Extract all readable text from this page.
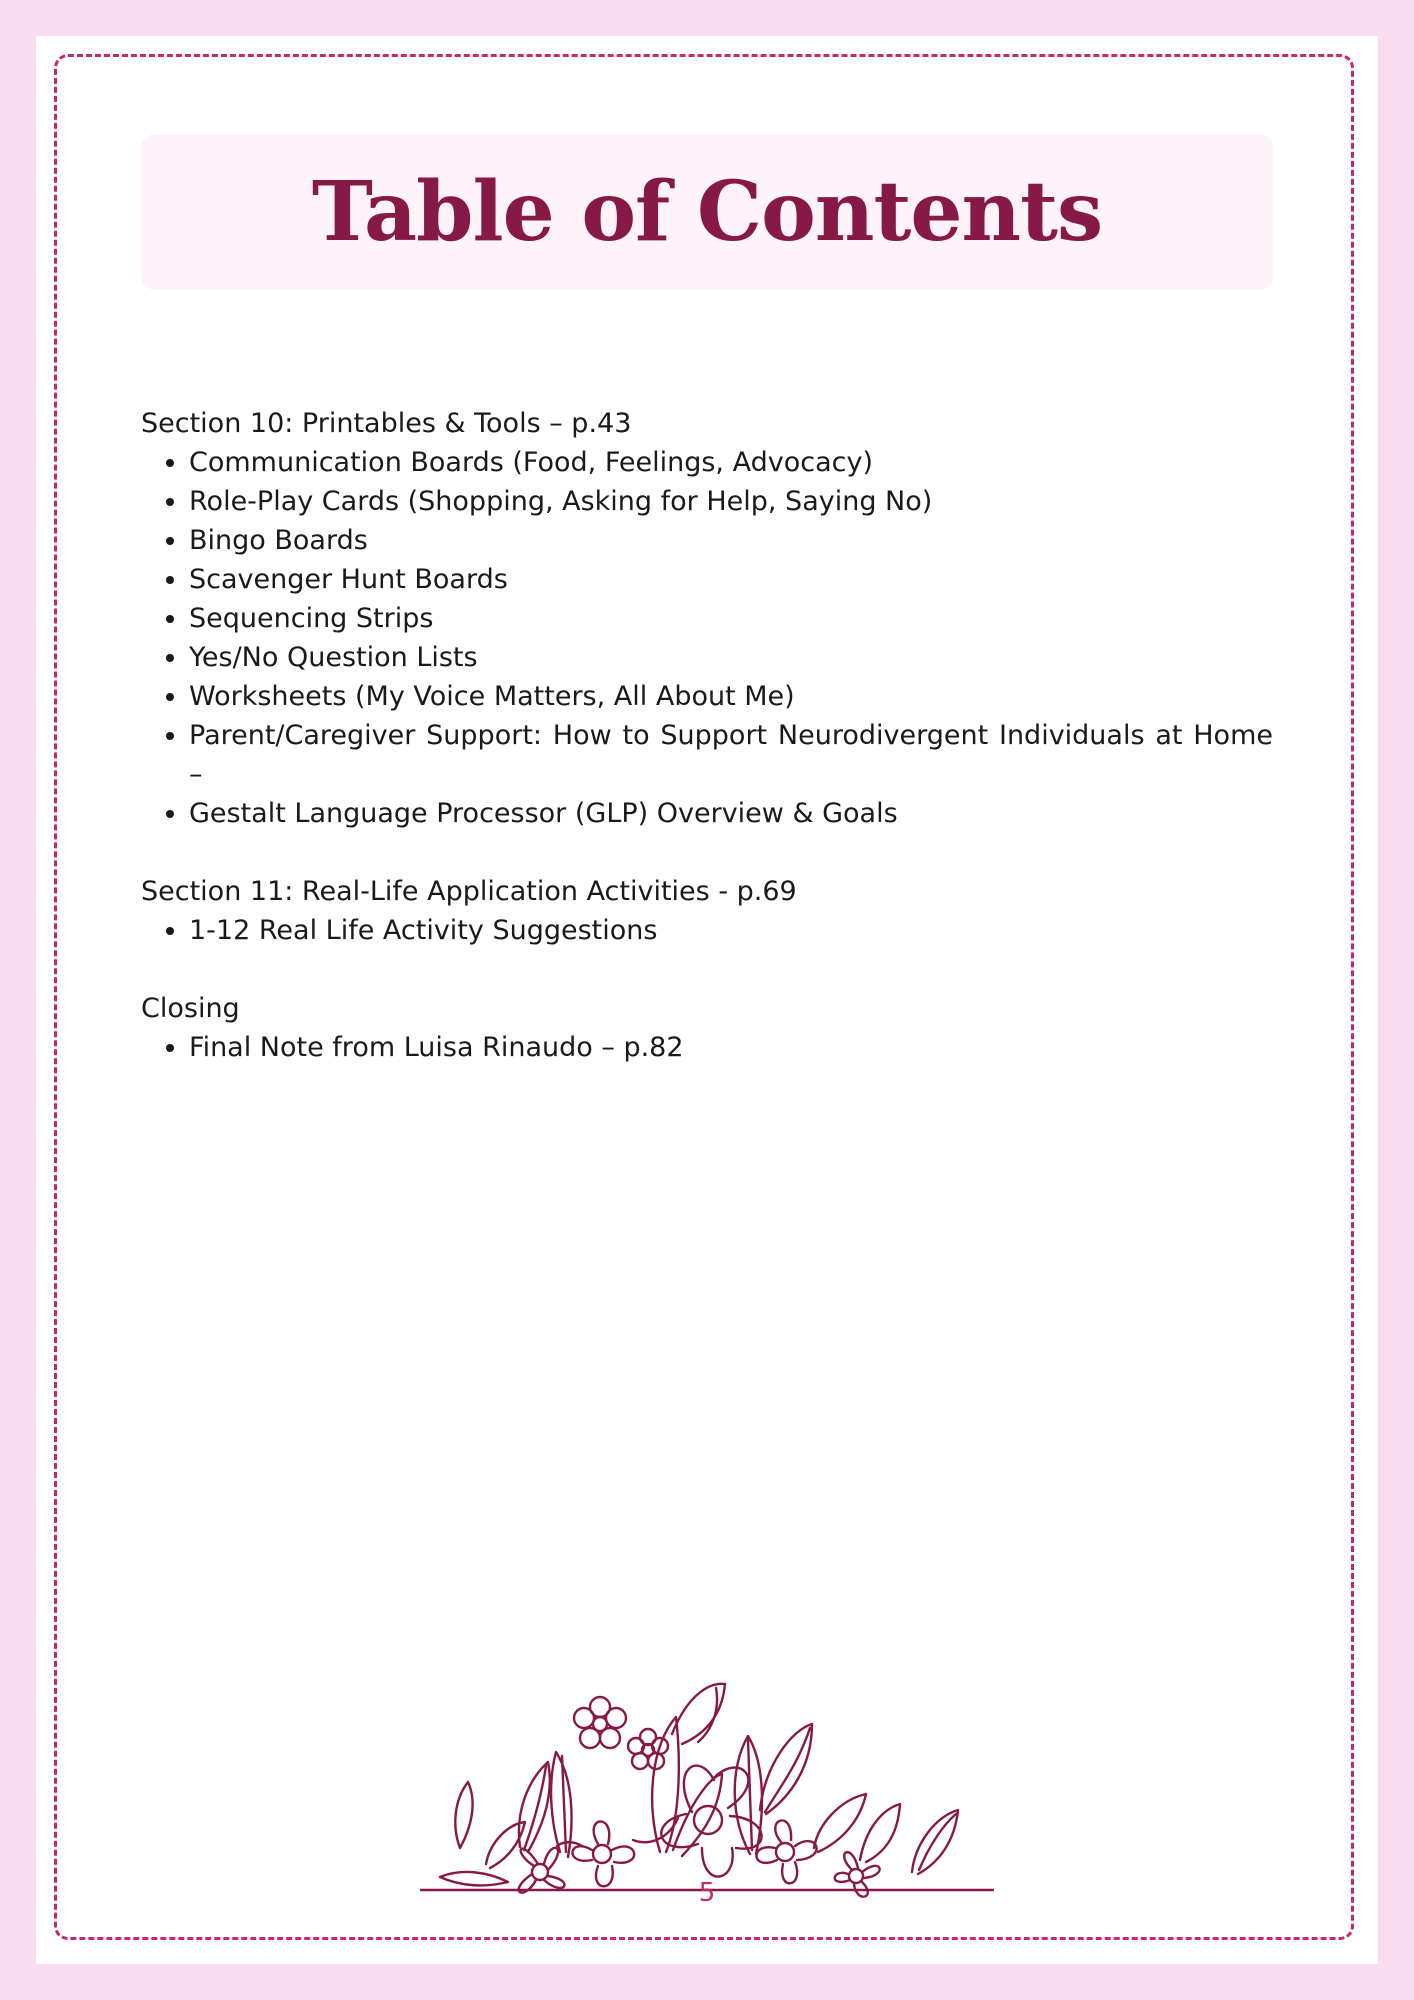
Table of Contents

Section 10: Printables & Tools – p.43

• Communication Boards (Food, Feelings, Advocacy)
• Role-Play Cards (Shopping, Asking for Help, Saying No)
• Bingo Boards
• Scavenger Hunt Boards
• Sequencing Strips
• Yes/No Question Lists
• Worksheets (My Voice Matters, All About Me)
• Parent/Caregiver Support: How to Support Neurodivergent Individuals at Home –
• Gestalt Language Processor (GLP) Overview & Goals

Section 11: Real-Life Application Activities - p.69

• 1-12 Real Life Activity Suggestions

Closing

• Final Note from Luisa Rinaudo – p.82
5
